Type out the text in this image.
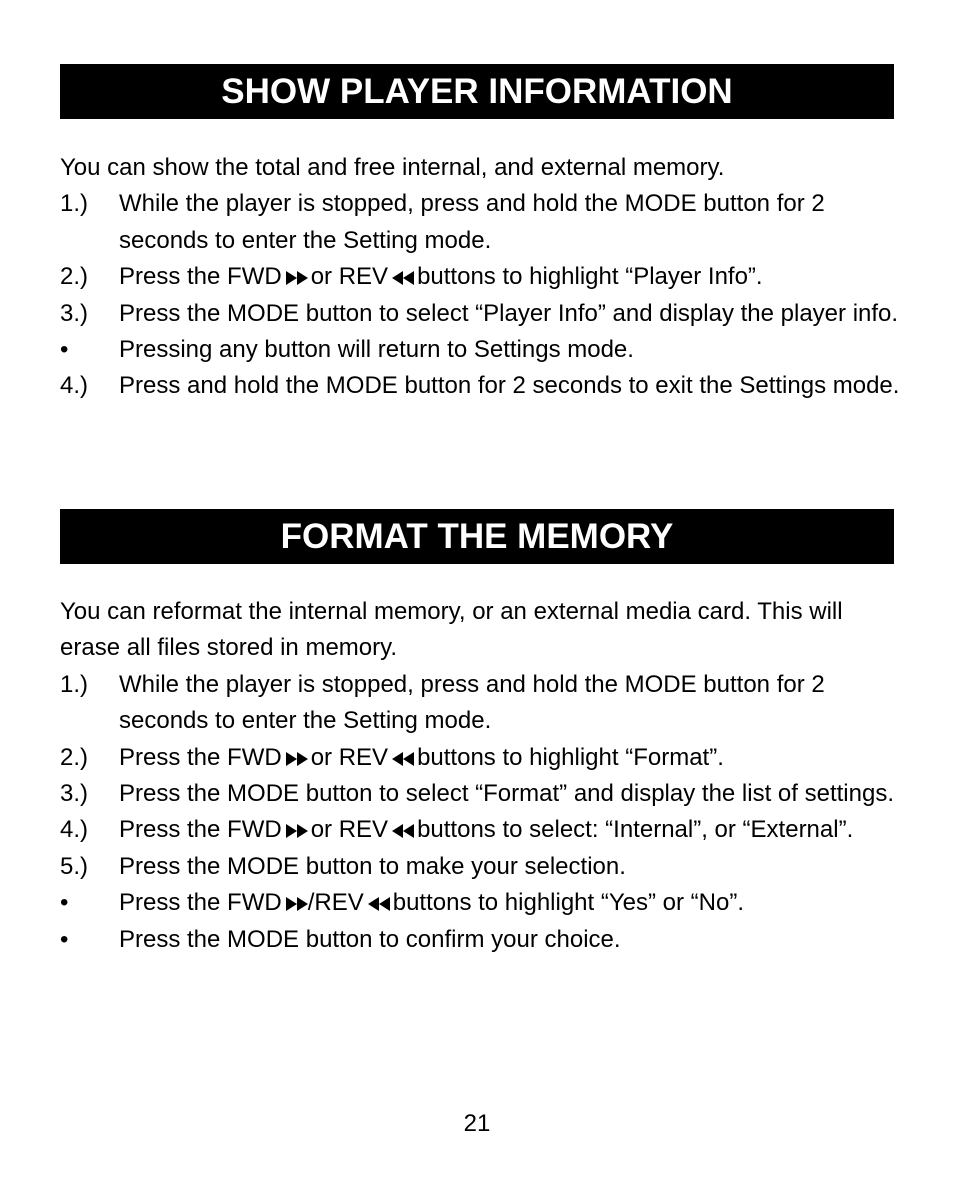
SHOW PLAYER INFORMATION

You can show the total and free internal, and external memory.

1.)	While the player is stopped, press and hold the MODE button for 2 seconds to enter the Setting mode.
2.)	Press the FWD or REV buttons to highlight “Player Info”.
3.)	Press the MODE button to select “Player Info” and display the player info.
•	Pressing any button will return to Settings mode.
4.)	Press and hold the MODE button for 2 seconds to exit the Settings mode.
FORMAT THE MEMORY

You can reformat the internal memory, or an external media card. This will erase all files stored in memory.

1.)	While the player is stopped, press and hold the MODE button for 2 seconds to enter the Setting mode.
2.)	Press the FWD or REV buttons to highlight “Format”.
3.)	Press the MODE button to select “Format” and display the list of settings.
4.)	Press the FWD or REV buttons to select: “Internal”, or “External”.
5.)	Press the MODE button to make your selection.
•	Press the FWD /REV buttons to highlight “Yes” or “No”.
•	Press the MODE button to confirm your choice.
21
